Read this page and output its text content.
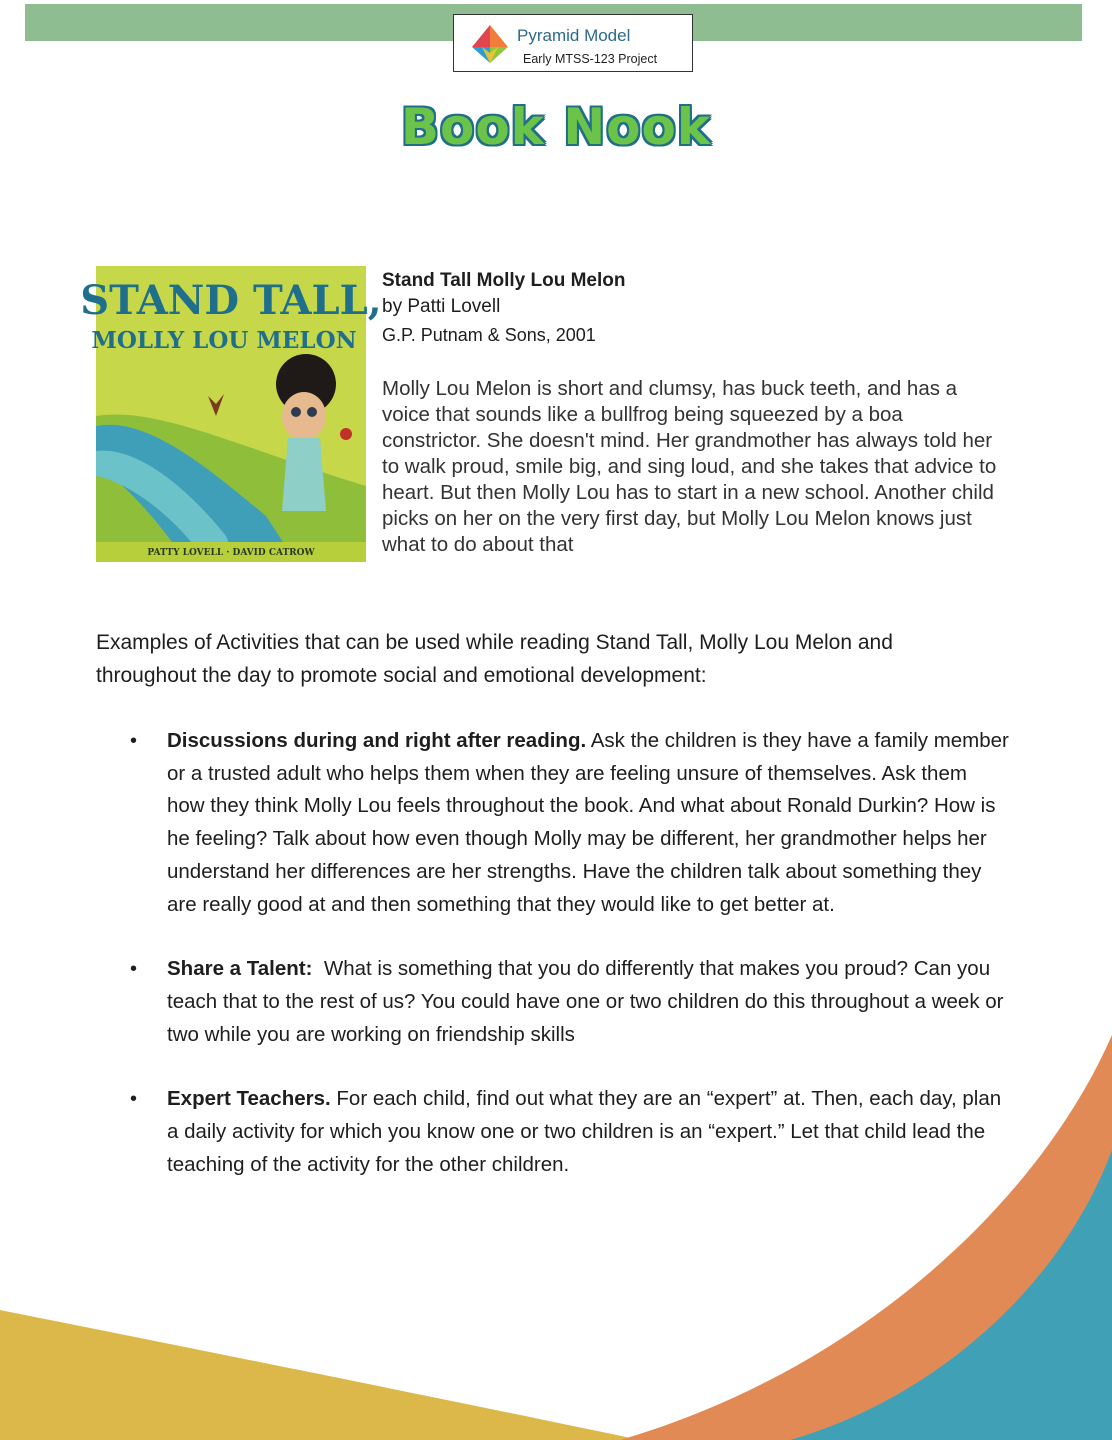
Pyramid Model
Early MTSS-123 Project
Book Nook
STAND TALL,
MOLLY LOU MELON
PATTY LOVELL · DAVID CATROW
Stand Tall Molly Lou Melon
by Patti Lovell
G.P. Putnam & Sons, 2001
Molly Lou Melon is short and clumsy, has buck teeth, and has a voice that sounds like a bullfrog being squeezed by a boa constrictor. She doesn't mind. Her grandmother has always told her to walk proud, smile big, and sing loud, and she takes that advice to heart. But then Molly Lou has to start in a new school. Another child picks on her on the very first day, but Molly Lou Melon knows just what to do about that
Examples of Activities that can be used while reading Stand Tall, Molly Lou Melon and throughout the day to promote social and emotional development:
• Discussions during and right after reading. Ask the children is they have a family member or a trusted adult who helps them when they are feeling unsure of themselves. Ask them how they think Molly Lou feels throughout the book. And what about Ronald Durkin? How is he feeling? Talk about how even though Molly may be different, her grandmother helps her understand her differences are her strengths. Have the children talk about something they are really good at and then something that they would like to get better at.
• Share a Talent:  What is something that you do differently that makes you proud? Can you teach that to the rest of us? You could have one or two children do this throughout a week or two while you are working on friendship skills
• Expert Teachers. For each child, find out what they are an “expert” at. Then, each day, plan a daily activity for which you know one or two children is an “expert.” Let that child lead the teaching of the activity for the other children.
